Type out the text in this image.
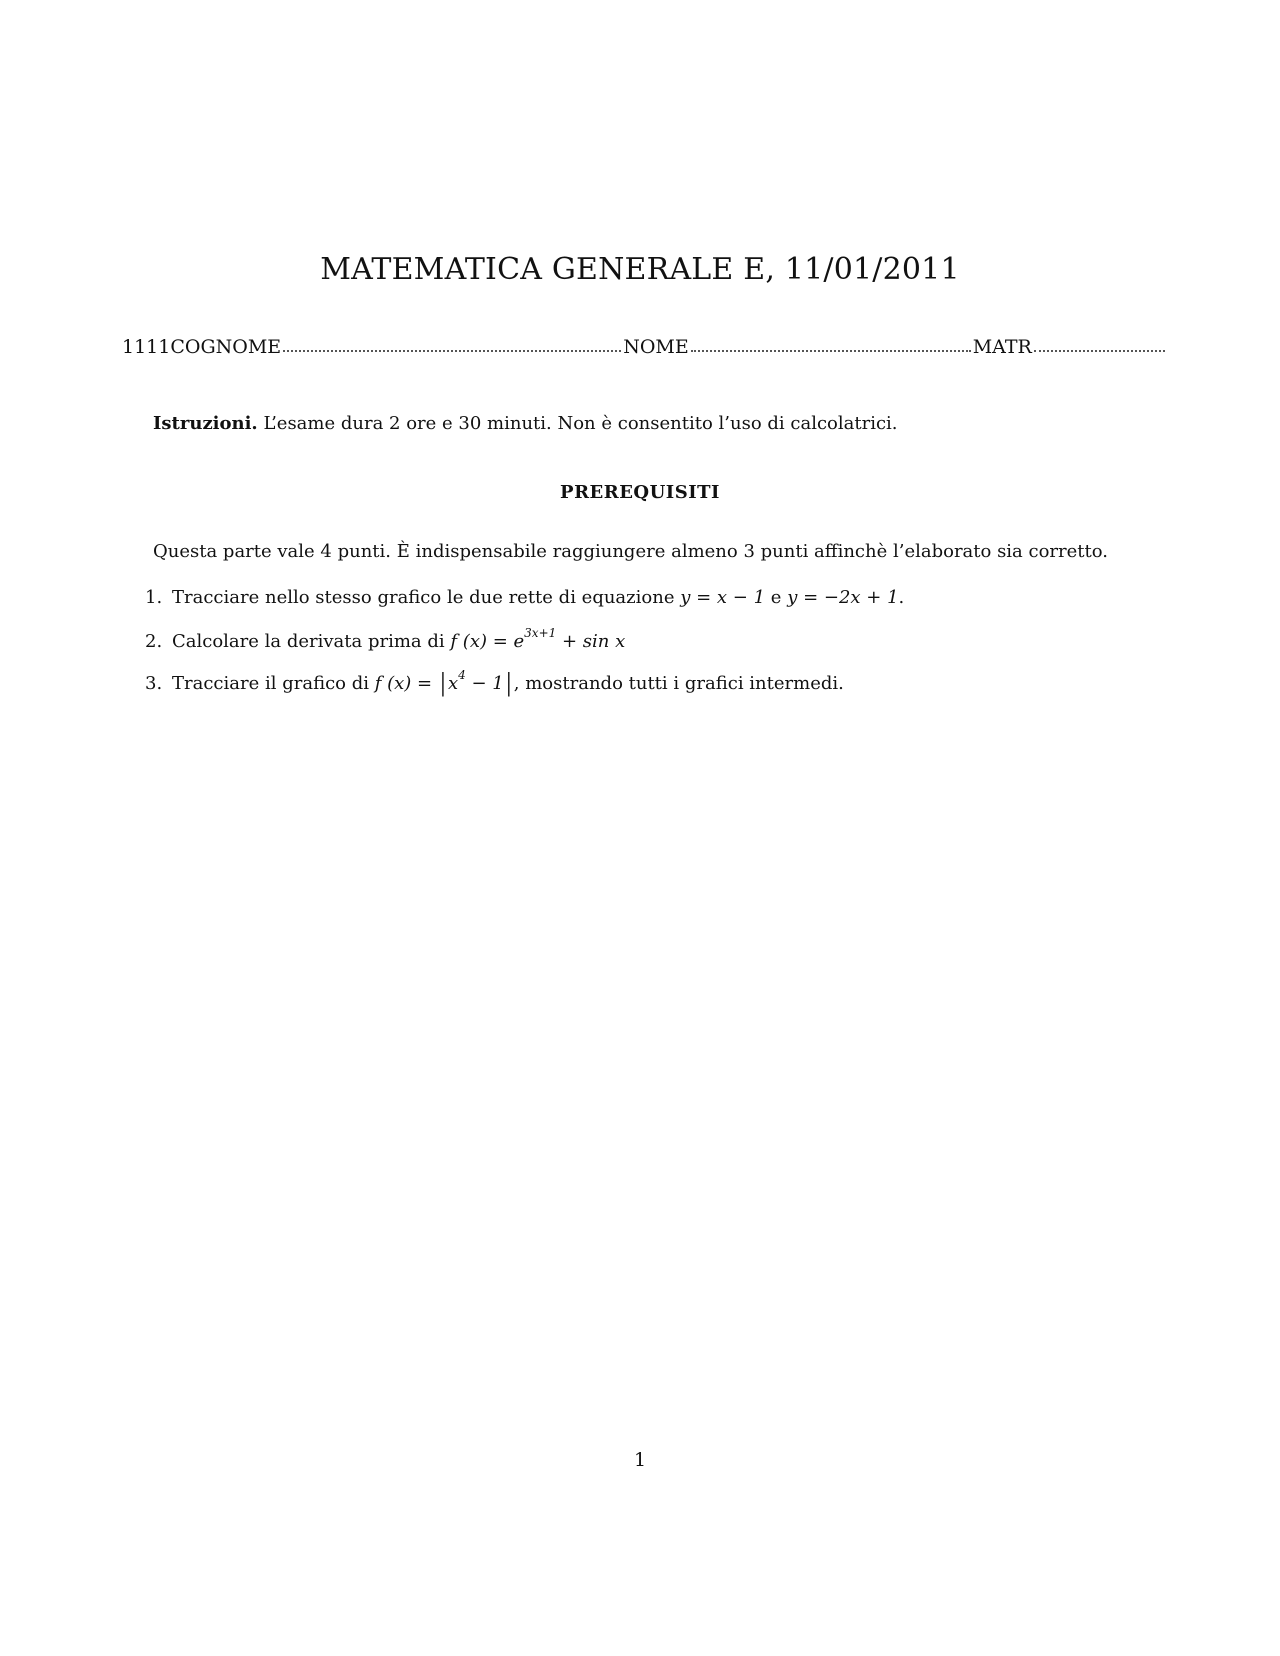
MATEMATICA GENERALE E, 11/01/2011
1111 COGNOME	NOME	MATR
Istruzioni. L’esame dura 2 ore e 30 minuti. Non è consentito l’uso di calcolatrici.
PREREQUISITI
Questa parte vale 4 punti. È indispensabile raggiungere almeno 3 punti affinchè l’elaborato sia corretto.
1. Tracciare nello stesso grafico le due rette di equazione
y = x − 1
e
y = −2x + 1 .
2. Calcolare la derivata prima di
f $(x) = e^{3x+1} + \sin x$
3. Tracciare il grafico di
f (x) = | $x^4 - 1$ | , mostrando tutti i grafici intermedi.
1
